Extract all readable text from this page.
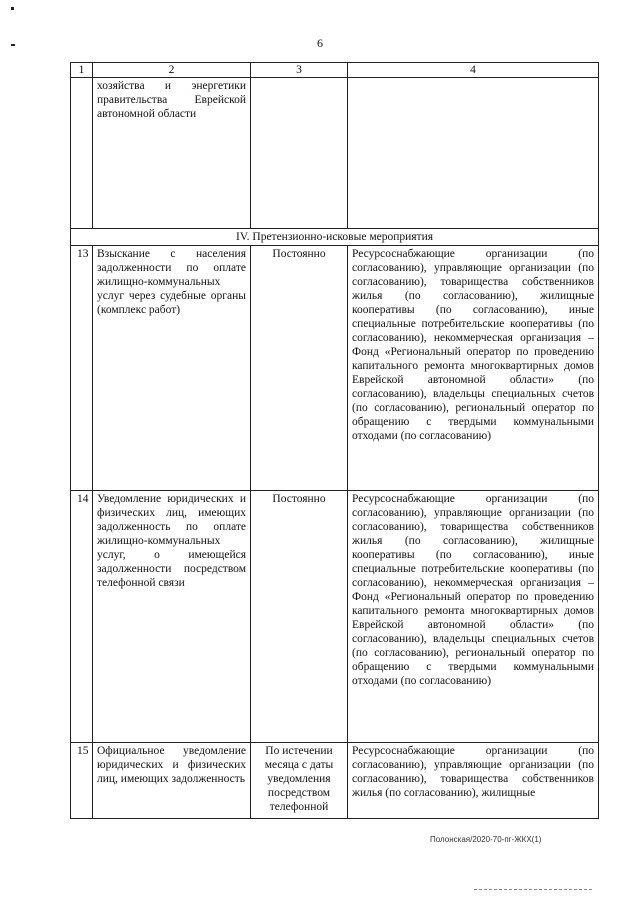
6
1	2	3	4
	хозяйства и энергетики правительства Еврейской автономной области		
IV. Претензионно-исковые мероприятия			
13	Взыскание с населения задолженности по оплате жилищно-коммунальных услуг через судебные органы (комплекс работ)	Постоянно	Ресурсоснабжающие организации (по согласованию), управляющие организации (по согласованию), товарищества собственников жилья (по согласованию), жилищные кооперативы (по согласованию), иные специальные потребительские кооперативы (по согласованию), некоммерческая организация – Фонд «Региональный оператор по проведению капитального ремонта многоквартирных домов Еврейской автономной области» (по согласованию), владельцы специальных счетов (по согласованию), региональный оператор по обращению с твердыми коммунальными отходами (по согласованию)
14	Уведомление юридических и физических лиц, имеющих задолженность по оплате жилищно-коммунальных услуг, о имеющейся задолженности посредством телефонной связи	Постоянно	Ресурсоснабжающие организации (по согласованию), управляющие организации (по согласованию), товарищества собственников жилья (по согласованию), жилищные кооперативы (по согласованию), иные специальные потребительские кооперативы (по согласованию), некоммерческая организация – Фонд «Региональный оператор по проведению капитального ремонта многоквартирных домов Еврейской автономной области» (по согласованию), владельцы специальных счетов (по согласованию), региональный оператор по обращению с твердыми коммунальными отходами (по согласованию)
15	Официальное уведомление юридических и физических лиц, имеющих задолженность	По истечении месяца с даты уведомления посредством телефонной	Ресурсоснабжающие организации (по согласованию), управляющие организации (по согласованию), товарищества собственников жилья (по согласованию), жилищные
Полонская/2020-70-пг-ЖКХ(1)
